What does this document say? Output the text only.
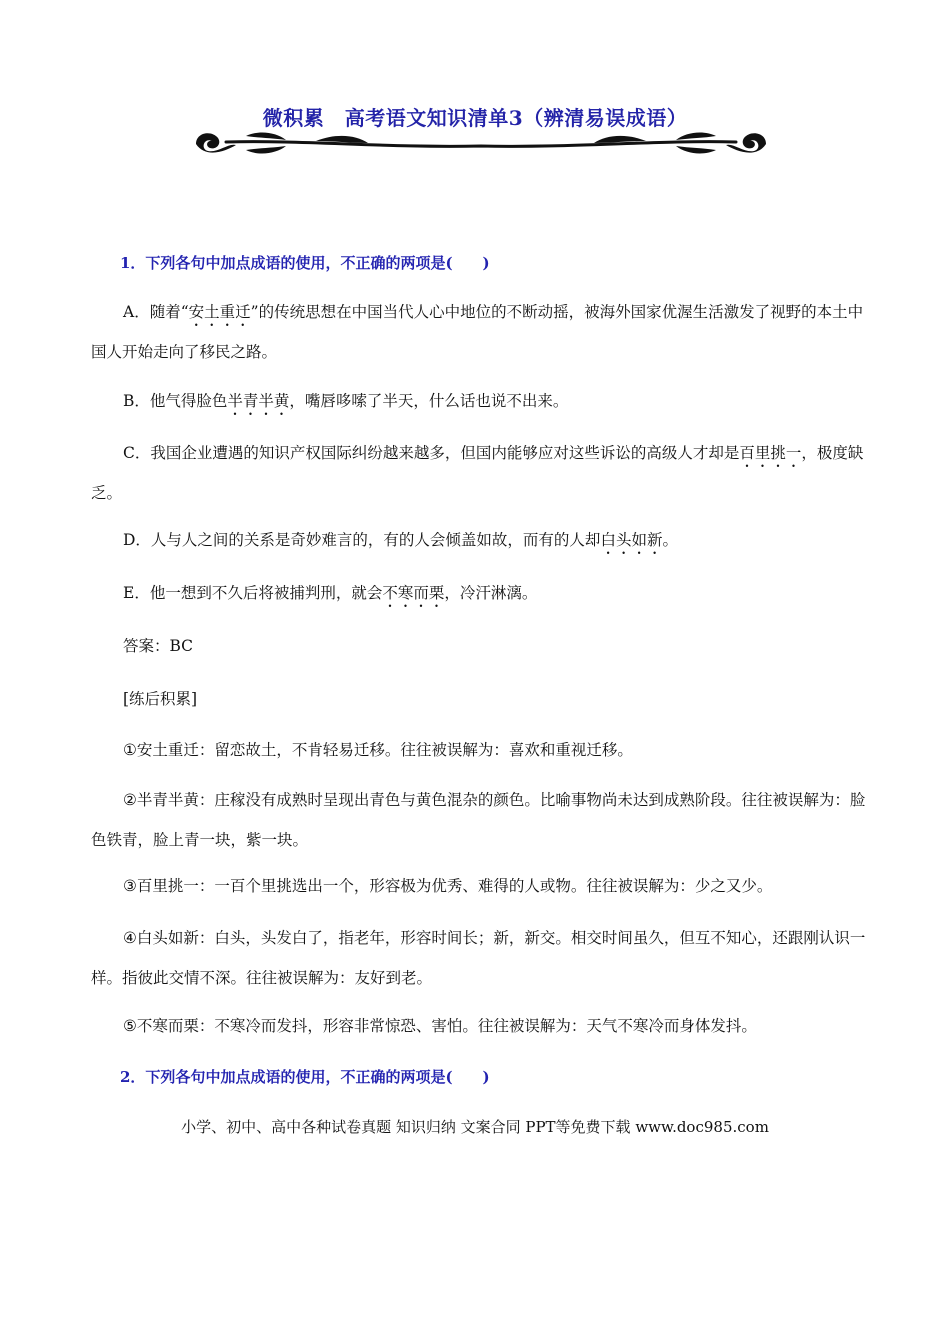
微积累　高考语文知识清单3（辨清易误成语）
1．下列各句中加点成语的使用，不正确的两项是(　　)
A．随着“安土重迁”的传统思想在中国当代人心中地位的不断动摇，被海外国家优渥生活激发了视野的本土中国人开始走向了移民之路。
B．他气得脸色半青半黄，嘴唇哆嗦了半天，什么话也说不出来。
C．我国企业遭遇的知识产权国际纠纷越来越多，但国内能够应对这些诉讼的高级人才却是百里挑一，极度缺乏。
D．人与人之间的关系是奇妙难言的，有的人会倾盖如故，而有的人却白头如新。
E．他一想到不久后将被捕判刑，就会不寒而栗，冷汗淋漓。
答案：BC
[练后积累]
①安土重迁：留恋故土，不肯轻易迁移。往往被误解为：喜欢和重视迁移。
②半青半黄：庄稼没有成熟时呈现出青色与黄色混杂的颜色。比喻事物尚未达到成熟阶段。往往被误解为：脸色铁青，脸上青一块，紫一块。
③百里挑一：一百个里挑选出一个，形容极为优秀、难得的人或物。往往被误解为：少之又少。
④白头如新：白头，头发白了，指老年，形容时间长；新，新交。相交时间虽久，但互不知心，还跟刚认识一样。指彼此交情不深。往往被误解为：友好到老。
⑤不寒而栗：不寒冷而发抖，形容非常惊恐、害怕。往往被误解为：天气不寒冷而身体发抖。
2．下列各句中加点成语的使用，不正确的两项是(　　)
小学、初中、高中各种试卷真题 知识归纳 文案合同 PPT等免费下载 www.doc985.com
